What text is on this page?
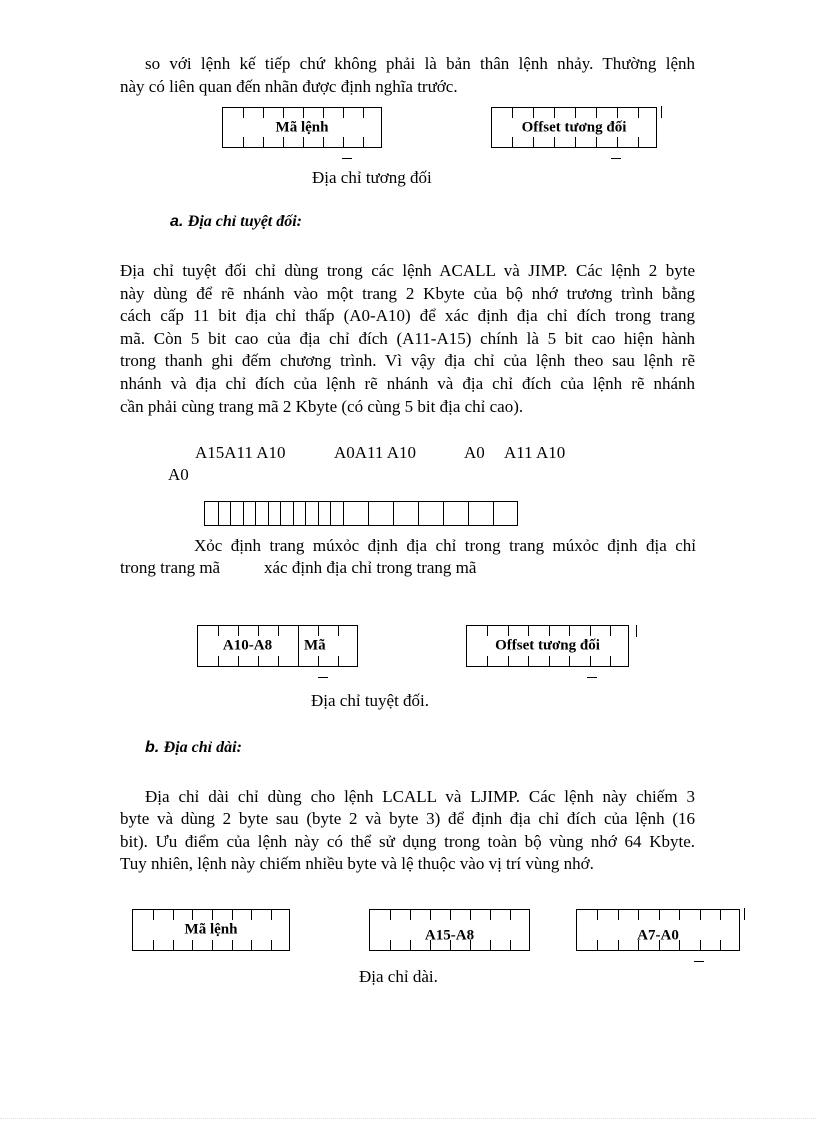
so với lệnh kế tiếp chứ không phải là bản thân lệnh nhảy. Thường lệnh

này có liên quan đến nhãn được định nghĩa trước.

Mã lệnh	Offset tương đối
Địa chỉ tương đối
a. Địa chỉ tuyệt đối:

Địa chỉ tuyệt đối chỉ dùng trong các lệnh ACALL và JIMP. Các lệnh 2 byte

này dùng để rẽ nhánh vào một trang 2 Kbyte của bộ nhớ trương trình bằng

cách cấp 11 bit địa chỉ thấp (A0-A10) để xác định địa chỉ đích trong trang

mã. Còn 5 bit cao của địa chỉ đích (A11-A15) chính là 5 bit cao hiện hành

trong thanh ghi đếm chương trình. Vì vậy địa chỉ của lệnh theo sau lệnh rẽ

nhánh và địa chỉ đích của lệnh rẽ nhánh và địa chỉ đích của lệnh rẽ nhánh

cần phải cùng trang mã 2 Kbyte (có cùng 5 bit địa chỉ cao).

A15A11 A10	A0A11 A10	A0 A11 A10
A0

Xỏc định trang múxỏc định địa chỉ trong trang múxỏc định địa chỉ

trong trang mã	xác định địa chỉ trong trang mã

A10-A8	Mã	Offset tương đối
Địa chỉ tuyệt đối.
b. Địa chỉ dài:

Địa chỉ dài chỉ dùng cho lệnh LCALL và LJIMP. Các lệnh này chiếm 3

byte và dùng 2 byte sau (byte 2 và byte 3) để định địa chỉ đích của lệnh (16

bit). Ưu điểm của lệnh này có thể sử dụng trong toàn bộ vùng nhớ 64 Kbyte.

Tuy nhiên, lệnh này chiếm nhiều byte và lệ thuộc vào vị trí vùng nhớ.

Mã lệnh	A15-A8	A7-A0
Địa chỉ dài.
